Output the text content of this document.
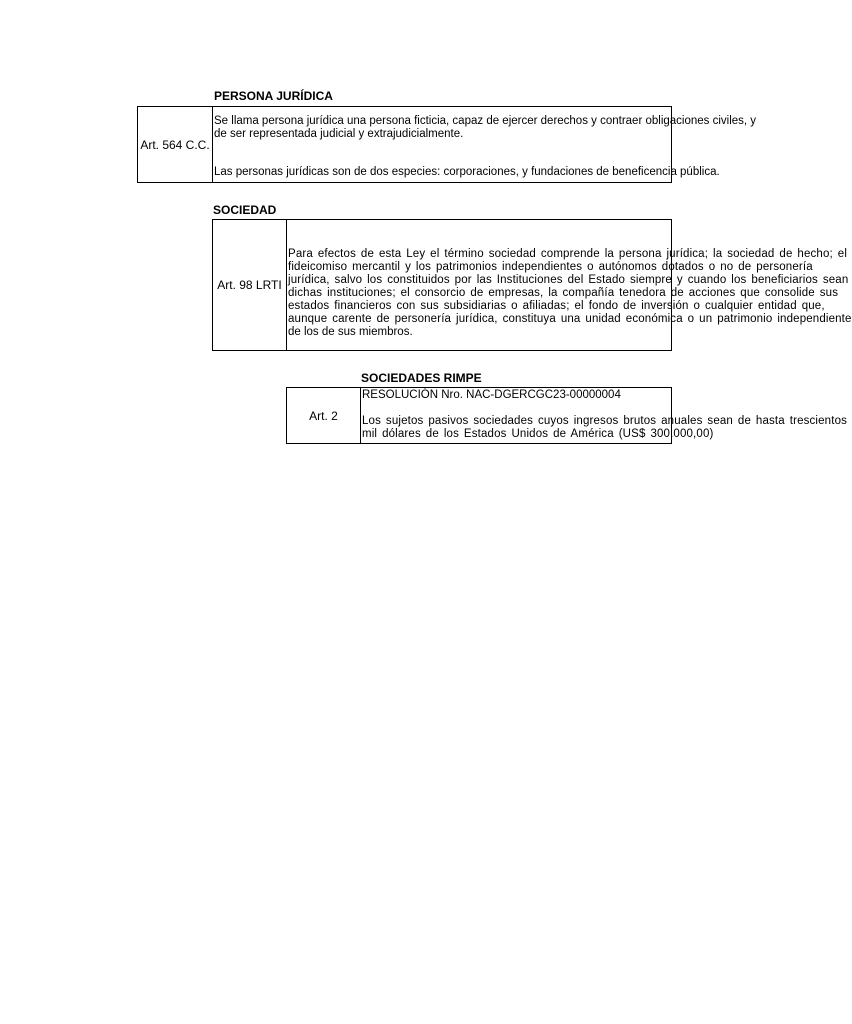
PERSONA JURÍDICA
Art. 564 C.C.
Se llama persona jurídica una persona ficticia, capaz de ejercer derechos y contraer obligaciones civiles, y
de ser representada judicial y extrajudicialmente.
Las personas jurídicas son de dos especies: corporaciones, y fundaciones de beneficencia pública.
SOCIEDAD
Art. 98 LRTI
Para efectos de esta Ley el término sociedad comprende la persona jurídica; la sociedad de hecho; el
fideicomiso mercantil y los patrimonios independientes o autónomos dotados o no de personería
jurídica, salvo los constituidos por las Instituciones del Estado siempre y cuando los beneficiarios sean
dichas instituciones; el consorcio de empresas, la compañía tenedora de acciones que consolide sus
estados financieros con sus subsidiarias o afiliadas; el fondo de inversión o cualquier entidad que,
aunque carente de personería jurídica, constituya una unidad económica o un patrimonio independiente
de los de sus miembros.
SOCIEDADES RIMPE
Art. 2
RESOLUCIÓN Nro. NAC-DGERCGC23-00000004
Los sujetos pasivos sociedades cuyos ingresos brutos anuales sean de hasta trescientos
mil dólares de los Estados Unidos de América (US$ 300.000,00)
